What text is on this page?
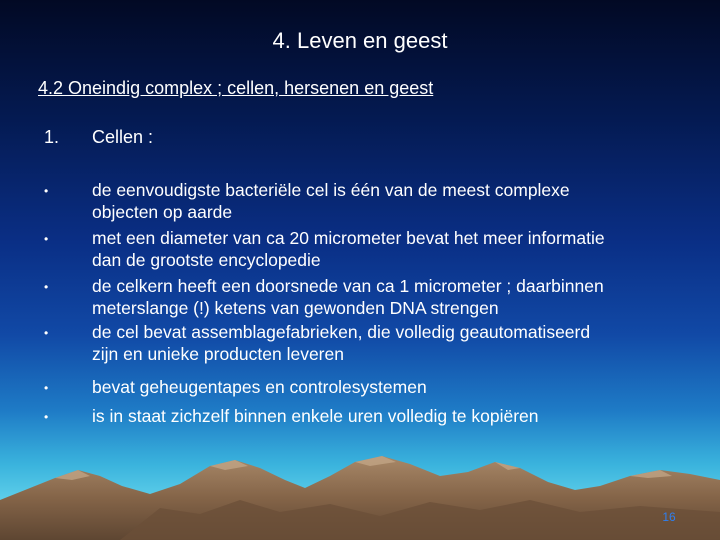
4. Leven en geest
4.2 Oneindig complex ; cellen, hersenen en geest
1. Cellen :
•	de eenvoudigste bacteriële cel is één van de meest complexe
objecten op aarde
•	met een diameter van ca 20 micrometer bevat het meer informatie
dan de grootste encyclopedie
•	de celkern heeft een doorsnede van ca 1 micrometer ; daarbinnen
meterslange (!) ketens van gewonden DNA strengen
•	de cel bevat assemblagefabrieken, die volledig geautomatiseerd
zijn en unieke producten leveren
•	bevat geheugentapes en controlesystemen
•	is in staat zichzelf binnen enkele uren volledig te kopiëren
16
